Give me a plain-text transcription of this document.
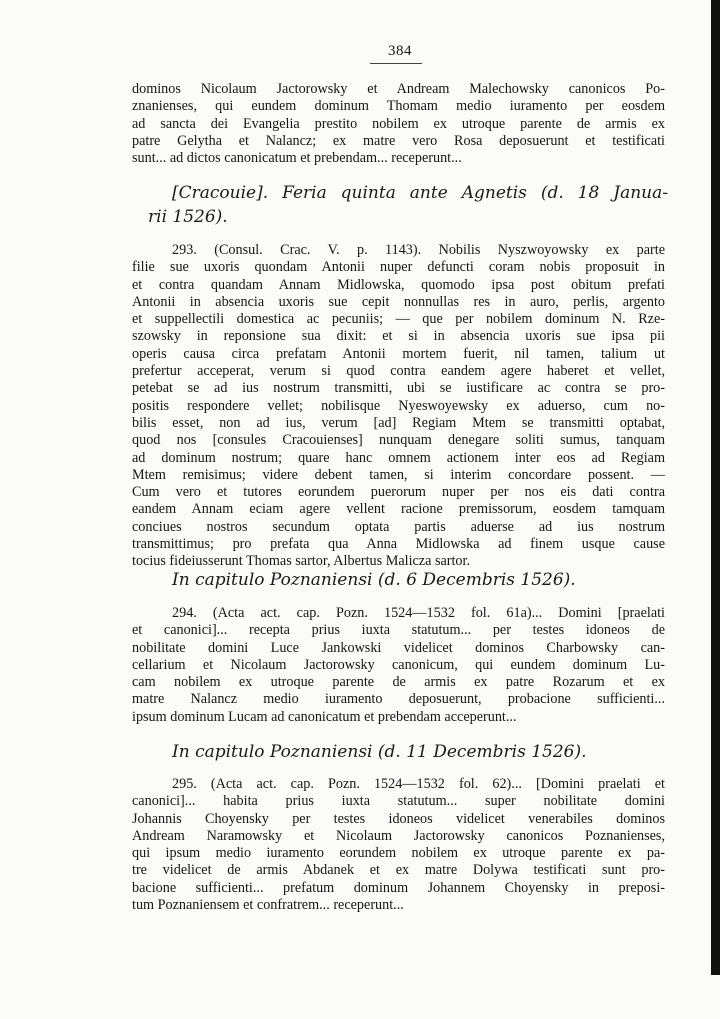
384
dominos Nicolaum Jactorowsky et Andream Malechowsky canonicos Po-
znanienses, qui eundem dominum Thomam medio iuramento per eosdem
ad sancta dei Evangelia prestito nobilem ex utroque parente de armis ex
patre Gelytha et Nalancz; ex matre vero Rosa deposuerunt et testificati
sunt... ad dictos canonicatum et prebendam... receperunt...
[Cracouie]. Feria quinta ante Agnetis (d. 18 Janua-
rii 1526).
293. (Consul. Crac. V. p. 1143). Nobilis Nyszwoyowsky ex parte
filie sue uxoris quondam Antonii nuper defuncti coram nobis proposuit in
et contra quandam Annam Midlowska, quomodo ipsa post obitum prefati
Antonii in absencia uxoris sue cepit nonnullas res in auro, perlis, argento
et suppellectili domestica ac pecuniis; — que per nobilem dominum N. Rze-
szowsky in reponsione sua dixit: et si in absencia uxoris sue ipsa pii
operis causa circa prefatam Antonii mortem fuerit, nil tamen, talium ut
prefertur acceperat, verum si quod contra eandem agere haberet et vellet,
petebat se ad ius nostrum transmitti, ubi se iustificare ac contra se pro-
positis respondere vellet; nobilisque Nyeswoyewsky ex aduerso, cum no-
bilis esset, non ad ius, verum [ad] Regiam Mtem se transmitti optabat,
quod nos [consules Cracouienses] nunquam denegare soliti sumus, tanquam
ad dominum nostrum; quare hanc omnem actionem inter eos ad Regiam
Mtem remisimus; videre debent tamen, si interim concordare possent. —
Cum vero et tutores eorundem puerorum nuper per nos eis dati contra
eandem Annam eciam agere vellent racione premissorum, eosdem tamquam
conciues nostros secundum optata partis aduerse ad ius nostrum
transmittimus; pro prefata qua Anna Midlowska ad finem usque cause
tocius fideiusserunt Thomas sartor, Albertus Malicza sartor.
In capitulo Poznaniensi (d. 6 Decembris 1526).
294. (Acta act. cap. Pozn. 1524—1532 fol. 61a)... Domini [praelati
et canonici]... recepta prius iuxta statutum... per testes idoneos de
nobilitate domini Luce Jankowski videlicet dominos Charbowsky can-
cellarium et Nicolaum Jactorowsky canonicum, qui eundem dominum Lu-
cam nobilem ex utroque parente de armis ex patre Rozarum et ex
matre Nalancz medio iuramento deposuerunt, probacione sufficienti...
ipsum dominum Lucam ad canonicatum et prebendam acceperunt...
In capitulo Poznaniensi (d. 11 Decembris 1526).
295. (Acta act. cap. Pozn. 1524—1532 fol. 62)... [Domini praelati et
canonici]... habita prius iuxta statutum... super nobilitate domini
Johannis Choyensky per testes idoneos videlicet venerabiles dominos
Andream Naramowsky et Nicolaum Jactorowsky canonicos Poznanienses,
qui ipsum medio iuramento eorundem nobilem ex utroque parente ex pa-
tre videlicet de armis Abdanek et ex matre Dolywa testificati sunt pro-
bacione sufficienti... prefatum dominum Johannem Choyensky in preposi-
tum Poznaniensem et confratrem... receperunt...
